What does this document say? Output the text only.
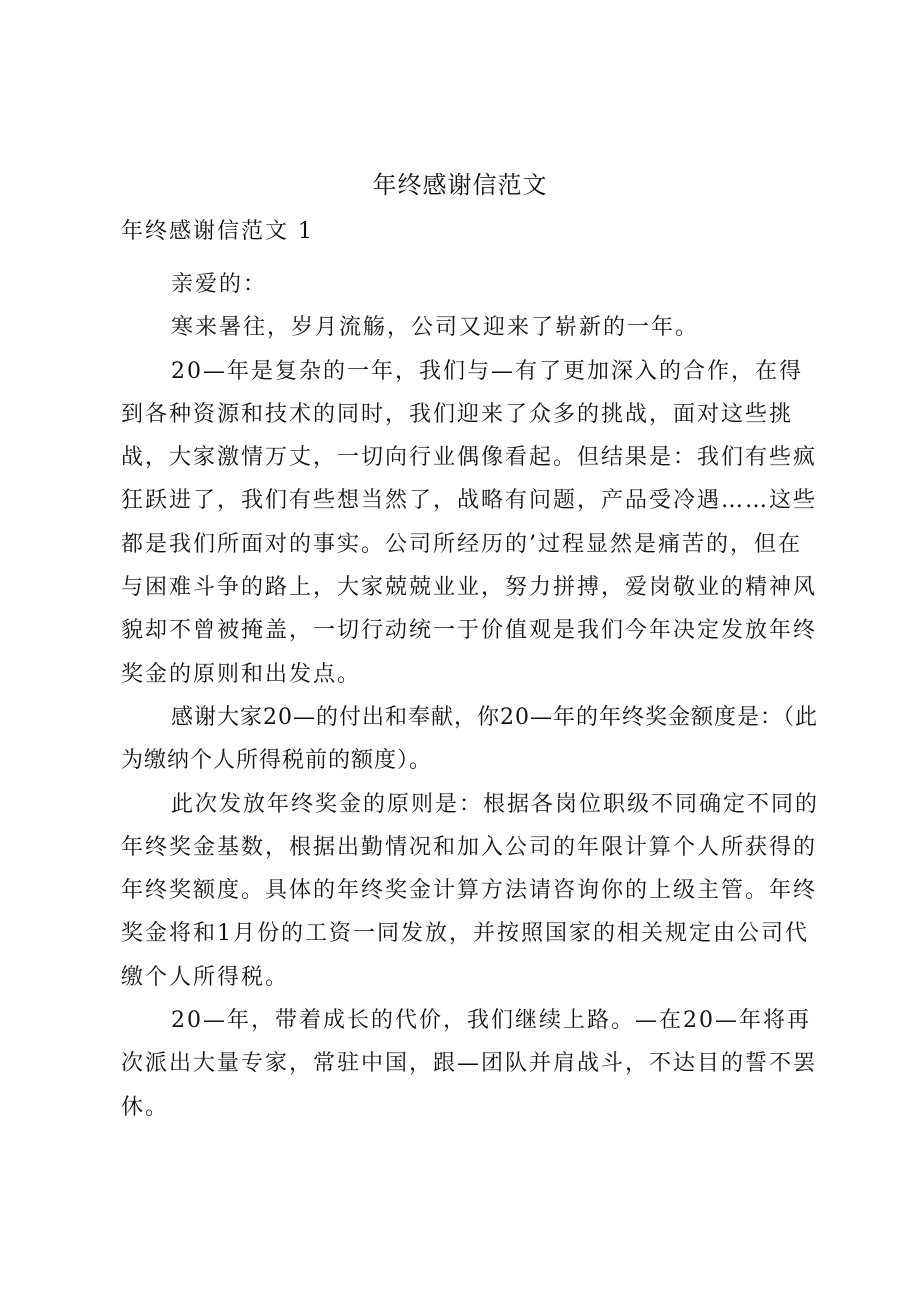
年终感谢信范文
年终感谢信范文 1

亲爱的：

寒来暑往，岁月流觞，公司又迎来了崭新的一年。

20—年是复杂的一年，我们与—有了更加深入的合作，在得到各种资源和技术的同时，我们迎来了众多的挑战，面对这些挑战，大家激情万丈，一切向行业偶像看起。但结果是：我们有些疯狂跃进了，我们有些想当然了，战略有问题，产品受冷遇……这些都是我们所面对的事实。公司所经历的’过程显然是痛苦的，但在与困难斗争的路上，大家兢兢业业，努力拼搏，爱岗敬业的精神风貌却不曾被掩盖，一切行动统一于价值观是我们今年决定发放年终奖金的原则和出发点。

感谢大家20—的付出和奉献，你20—年的年终奖金额度是：（此为缴纳个人所得税前的额度）。

此次发放年终奖金的原则是：根据各岗位职级不同确定不同的年终奖金基数，根据出勤情况和加入公司的年限计算个人所获得的年终奖额度。具体的年终奖金计算方法请咨询你的上级主管。年终奖金将和1月份的工资一同发放，并按照国家的相关规定由公司代缴个人所得税。

20—年，带着成长的代价，我们继续上路。—在20—年将再次派出大量专家，常驻中国，跟—团队并肩战斗，不达目的誓不罢休。
